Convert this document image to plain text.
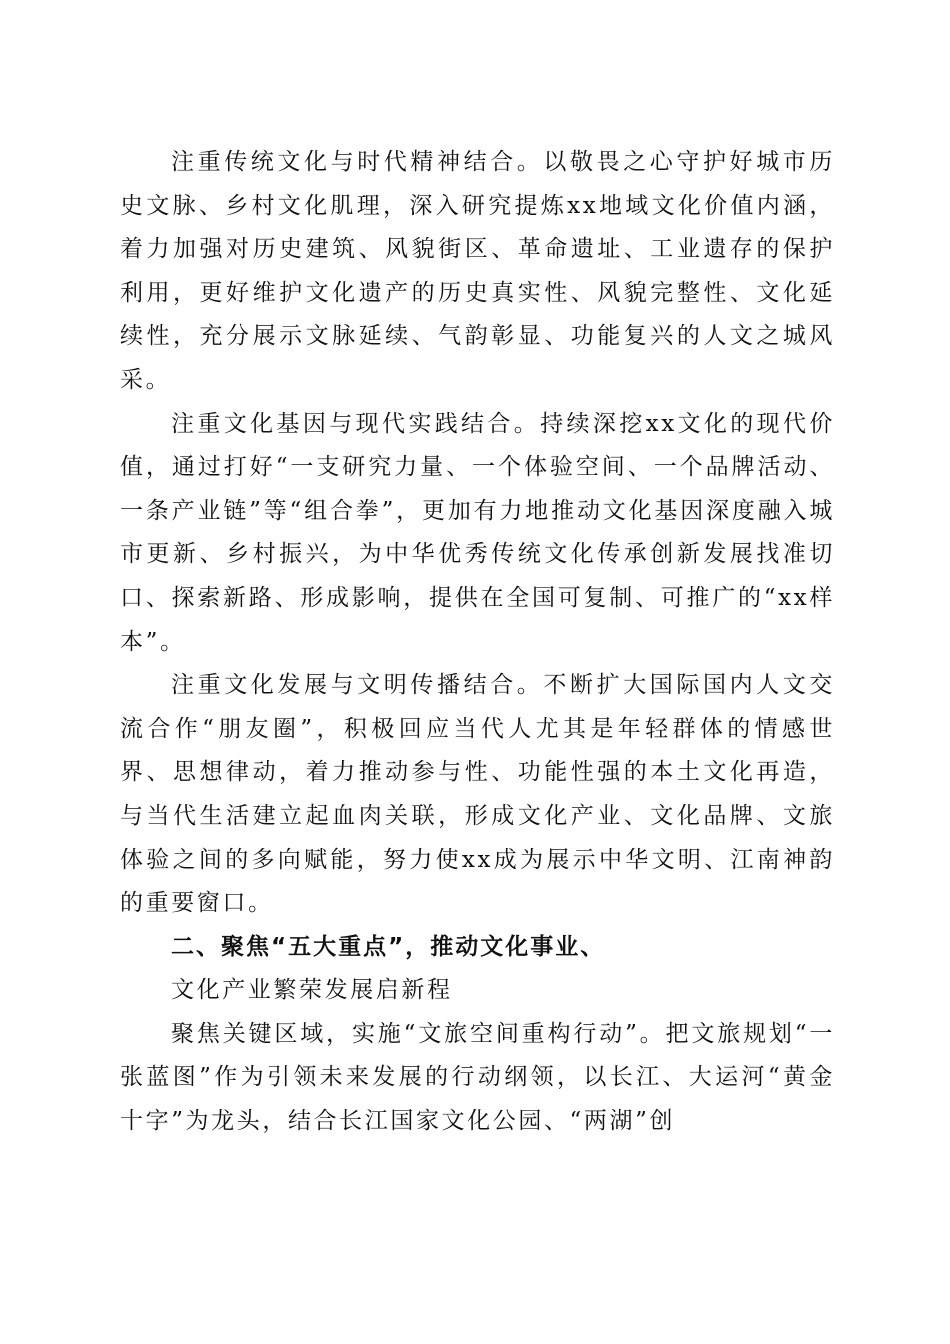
注重传统文化与时代精神结合。以敬畏之心守护好城市历史文脉、乡村文化肌理，深入研究提炼xx地域文化价值内涵，着力加强对历史建筑、风貌街区、革命遗址、工业遗存的保护利用，更好维护文化遗产的历史真实性、风貌完整性、文化延续性，充分展示文脉延续、气韵彰显、功能复兴的人文之城风采。

注重文化基因与现代实践结合。持续深挖xx文化的现代价值，通过打好“一支研究力量、一个体验空间、一个品牌活动、一条产业链”等“组合拳”，更加有力地推动文化基因深度融入城市更新、乡村振兴，为中华优秀传统文化传承创新发展找准切口、探索新路、形成影响，提供在全国可复制、可推广的“xx样本”。

注重文化发展与文明传播结合。不断扩大国际国内人文交流合作“朋友圈”，积极回应当代人尤其是年轻群体的情感世界、思想律动，着力推动参与性、功能性强的本土文化再造，与当代生活建立起血肉关联，形成文化产业、文化品牌、文旅体验之间的多向赋能，努力使xx成为展示中华文明、江南神韵的重要窗口。

二、聚焦“五大重点”，推动文化事业、

文化产业繁荣发展启新程

聚焦关键区域，实施“文旅空间重构行动”。把文旅规划“一张蓝图”作为引领未来发展的行动纲领，以长江、大运河“黄金十字”为龙头，结合长江国家文化公园、“两湖”创
